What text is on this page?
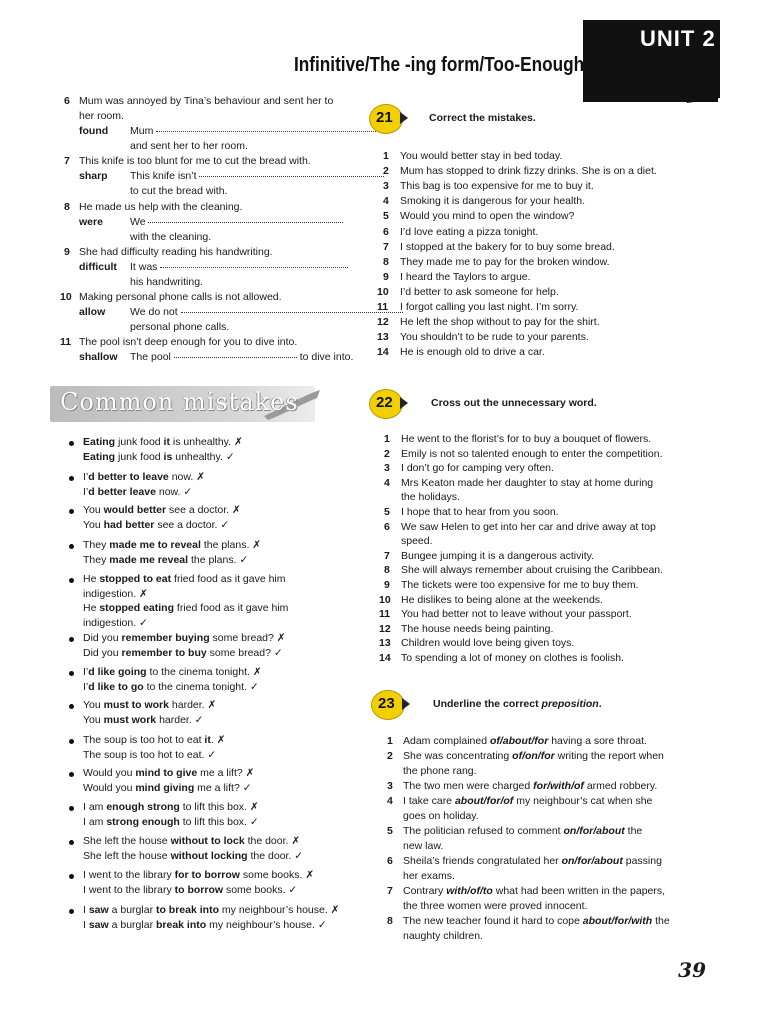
UNIT 2
Infinitive/The -ing form/Too-Enough/Participles
6 Mum was annoyed by Tina’s behaviour and sent her to
her room.
found Mum
and sent her to her room.
7 This knife is too blunt for me to cut the bread with.
sharp This knife isn’t
to cut the bread with.
8 He made us help with the cleaning.
were	We
with the cleaning.
9 She had difficulty reading his handwriting.
difficult It was
his handwriting.
10 Making personal phone calls is not allowed.
allow We do not
personal phone calls.
11 The pool isn’t deep enough for you to dive into.
shallow The pool	to dive into.
Common mistakes
Eating junk food it is unhealthy. ✗
Eating junk food is unhealthy. ✓
I’d better to leave now. ✗
I’d better leave now. ✓
You would better see a doctor. ✗
You had better see a doctor. ✓
They made me to reveal the plans. ✗
They made me reveal the plans. ✓
He stopped to eat fried food as it gave him
indigestion. ✗
He stopped eating fried food as it gave him
indigestion. ✓
Did you remember buying some bread? ✗
Did you remember to buy some bread? ✓
I’d like going to the cinema tonight. ✗
I’d like to go to the cinema tonight. ✓
You must to work harder. ✗
You must work harder. ✓
The soup is too hot to eat it. ✗
The soup is too hot to eat. ✓
Would you mind to give me a lift? ✗
Would you mind giving me a lift? ✓
I am enough strong to lift this box. ✗
I am strong enough to lift this box. ✓
She left the house without to lock the door. ✗
She left the house without locking the door. ✓
I went to the library for to borrow some books. ✗
I went to the library to borrow some books. ✓
I saw a burglar to break into my neighbour’s house. ✗
I saw a burglar break into my neighbour’s house. ✓
21	Correct the mistakes.
1 You would better stay in bed today.
2 Mum has stopped to drink fizzy drinks. She is on a diet.
3 This bag is too expensive for me to buy it.
4 Smoking it is dangerous for your health.
5 Would you mind to open the window?
6 I’d love eating a pizza tonight.
7 I stopped at the bakery for to buy some bread.
8 They made me to pay for the broken window.
9 I heard the Taylors to argue.
10 I’d better to ask someone for help.
11 I forgot calling you last night. I’m sorry.
12 He left the shop without to pay for the shirt.
13 You shouldn’t to be rude to your parents.
14 He is enough old to drive a car.
22	Cross out the unnecessary word.
1 He went to the florist’s for to buy a bouquet of flowers.
2 Emily is not so talented enough to enter the competition.
3 I don’t go for camping very often.
4 Mrs Keaton made her daughter to stay at home during
the holidays.
5 I hope that to hear from you soon.
6 We saw Helen to get into her car and drive away at top
speed.
7 Bungee jumping it is a dangerous activity.
8 She will always remember about cruising the Caribbean.
9 The tickets were too expensive for me to buy them.
10 He dislikes to being alone at the weekends.
11 You had better not to leave without your passport.
12 The house needs being painting.
13 Children would love being given toys.
14 To spending a lot of money on clothes is foolish.
23	Underline the correct preposition.
1 Adam complained of/about/for having a sore throat.
2 She was concentrating of/on/for writing the report when
the phone rang.
3 The two men were charged for/with/of armed robbery.
4 I take care about/for/of my neighbour’s cat when she
goes on holiday.
5 The politician refused to comment on/for/about the
new law.
6 Sheila’s friends congratulated her on/for/about passing
her exams.
7 Contrary with/of/to what had been written in the papers,
the three women were proved innocent.
8 The new teacher found it hard to cope about/for/with the
naughty children.
39
